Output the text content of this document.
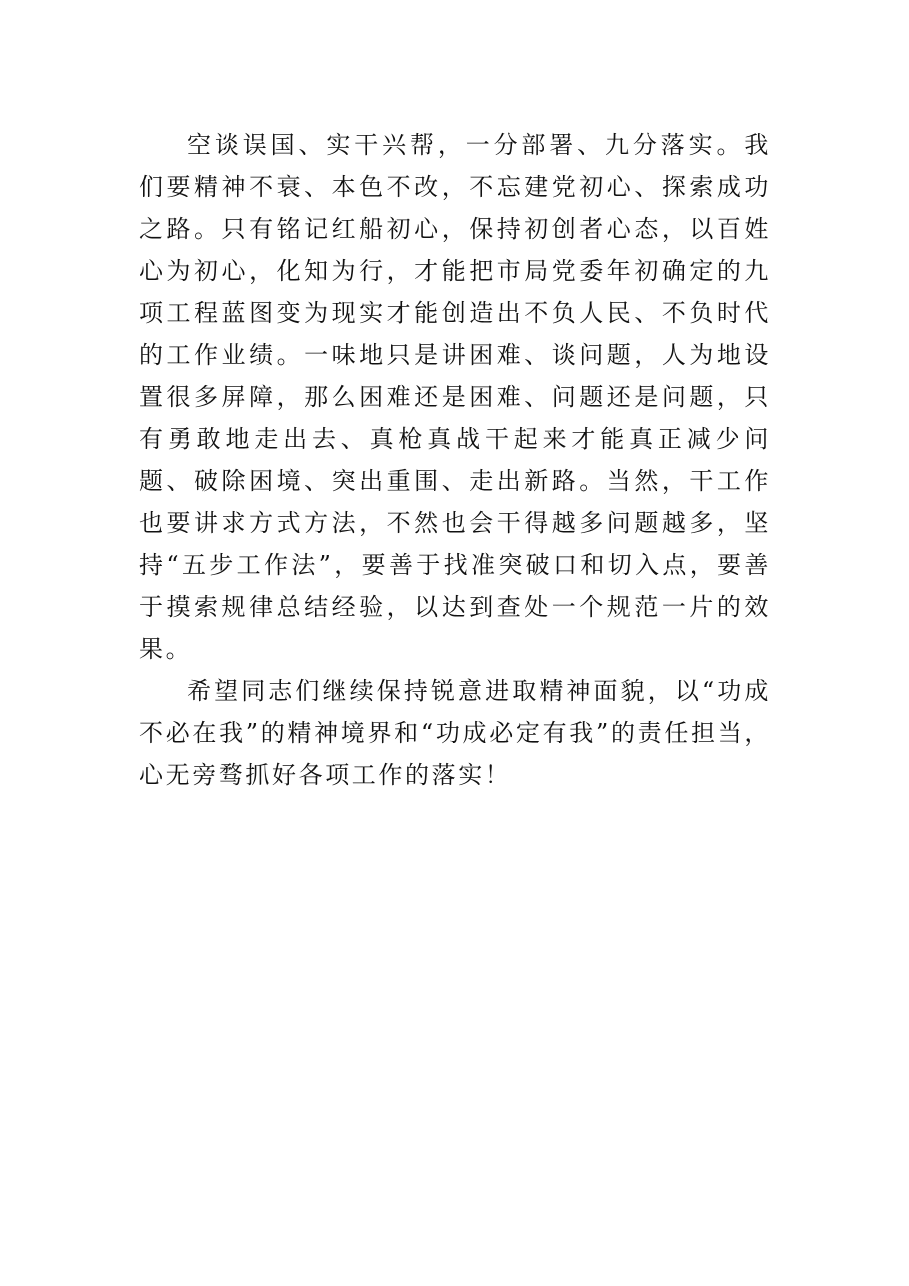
空谈误国、实干兴帮，一分部署、九分落实。我们要精神不衰、本色不改，不忘建党初心、探索成功之路。只有铭记红船初心，保持初创者心态，以百姓心为初心，化知为行，才能把市局党委年初确定的九项工程蓝图变为现实才能创造出不负人民、不负时代的工作业绩。一味地只是讲困难、谈问题，人为地设置很多屏障，那么困难还是困难、问题还是问题，只有勇敢地走出去、真枪真战干起来才能真正减少问题、破除困境、突出重围、走出新路。当然，干工作也要讲求方式方法，不然也会干得越多问题越多，坚持“五步工作法”，要善于找准突破口和切入点，要善于摸索规律总结经验，以达到查处一个规范一片的效果。

希望同志们继续保持锐意进取精神面貌，以“功成不必在我”的精神境界和“功成必定有我”的责任担当，心无旁骛抓好各项工作的落实！
